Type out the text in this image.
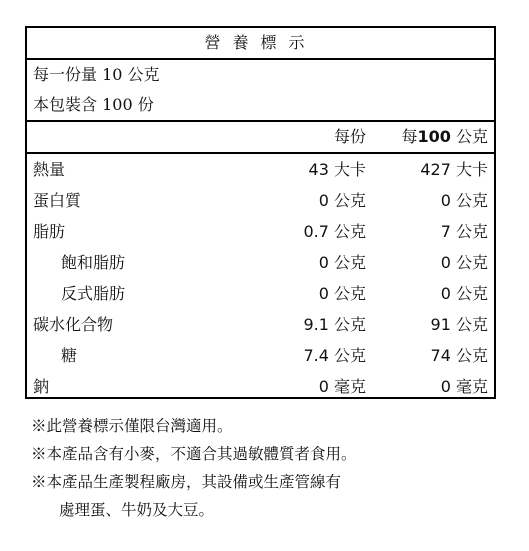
營養標示
每一份量 10 公克
本包裝含 100 份
每份 每100 公克
熱量	43 大卡	427 大卡
蛋白質	0 公克	0 公克
脂肪	0.7 公克	7 公克
飽和脂肪	0 公克	0 公克
反式脂肪	0 公克	0 公克
碳水化合物	9.1 公克	91 公克
糖	7.4 公克	74 公克
鈉	0 毫克	0 毫克
※此營養標示僅限台灣適用。
※本產品含有小麥，不適合其過敏體質者食用。
※本產品生產製程廠房，其設備或生產管線有
處理蛋、牛奶及大豆。
